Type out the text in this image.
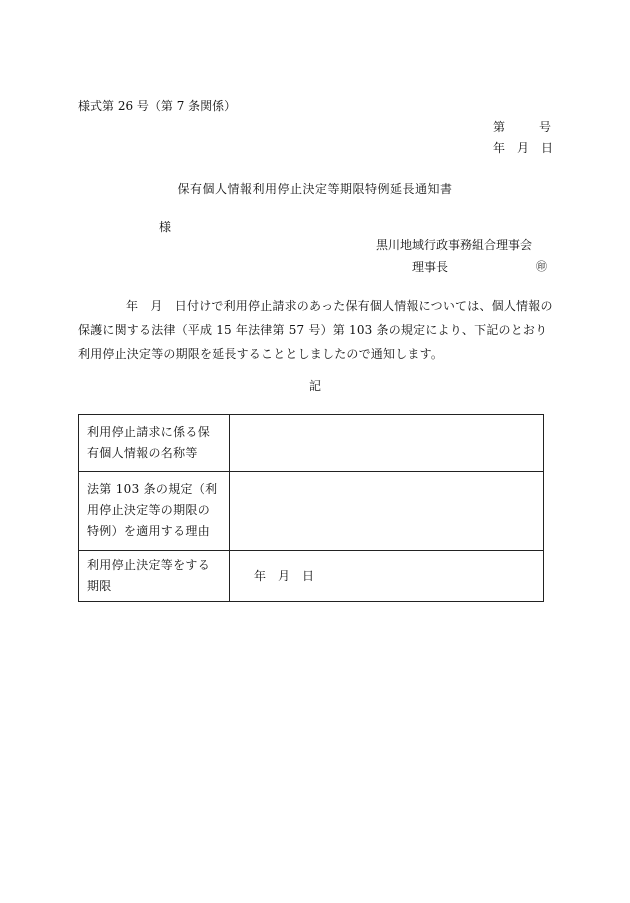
様式第 26 号（第 7 条関係）
第	号
年 月 日
保有個人情報利用停止決定等期限特例延長通知書
様
黒川地域行政事務組合理事会
理事長	㊞

年　月　日付けで利用停止請求のあった保有個人情報については、個人情報の保護に関する法律（平成 15 年法律第 57 号）第 103 条の規定により、下記のとおり利用停止決定等の期限を延長することとしましたので通知します。

記
利用停止請求に係る保有個人情報の名称等	
法第 103 条の規定（利用停止決定等の期限の特例）を適用する理由	
利用停止決定等をする期限	年　月　日
